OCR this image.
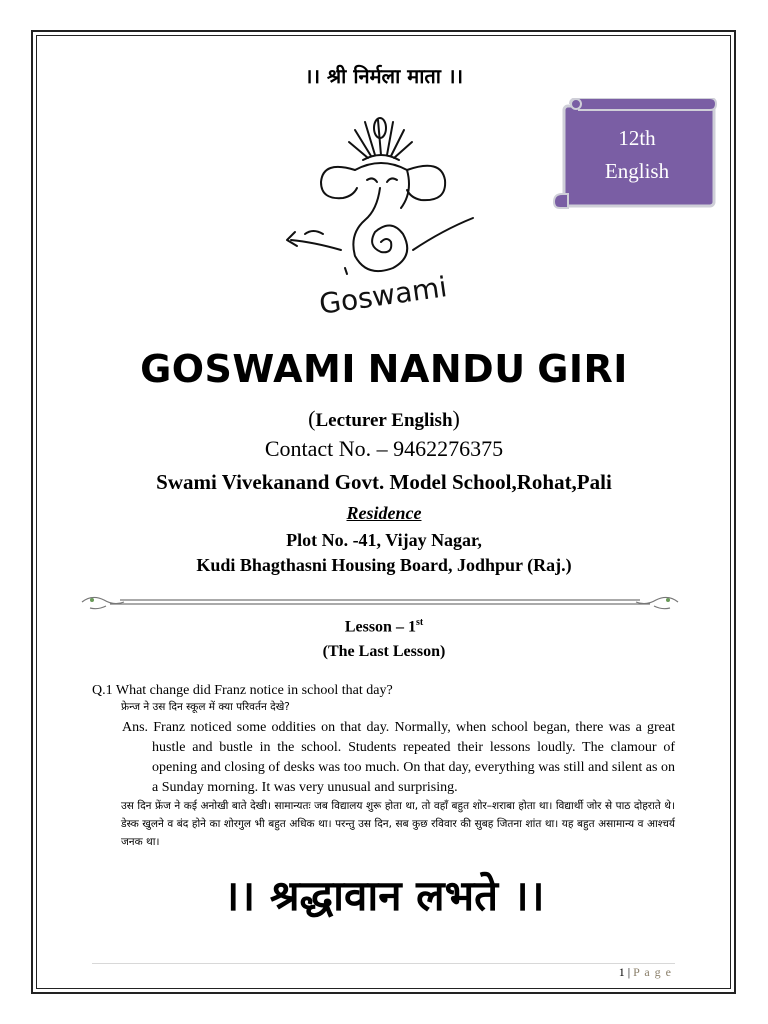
।। श्री निर्मला माता ।।
Goswami
12th
English
GOSWAMI NANDU GIRI
(Lecturer English)
Contact No. – 9462276375
Swami Vivekanand Govt. Model School,Rohat,Pali
Residence
Plot No. -41, Vijay Nagar,
Kudi Bhagthasni Housing Board, Jodhpur (Raj.)
Lesson – 1st
(The Last Lesson)
Q.1 What change did Franz notice in school that day?
फ्रेन्ज ने उस दिन स्कूल में क्या परिवर्तन देखे?
Ans. Franz noticed some oddities on that day. Normally, when school began, there was a great hustle and bustle in the school. Students repeated their lessons loudly. The clamour of opening and closing of desks was too much. On that day, everything was still and silent as on a Sunday morning. It was very unusual and surprising.
उस दिन फ्रेंज ने कई अनोखी बाते देखी। सामान्यतः जब विद्यालय शुरू होता था, तो वहाँ बहुत शोर–शराबा होता था। विद्यार्थी जोर से पाठ दोहराते थे। डेस्क खुलने व बंद होने का शोरगुल भी बहुत अधिक था। परन्तु उस दिन, सब कुछ रविवार की सुबह जितना शांत था। यह बहुत असामान्य व आश्चर्य जनक था।
।। श्रद्धावान लभते ।।
1 | P a g e
